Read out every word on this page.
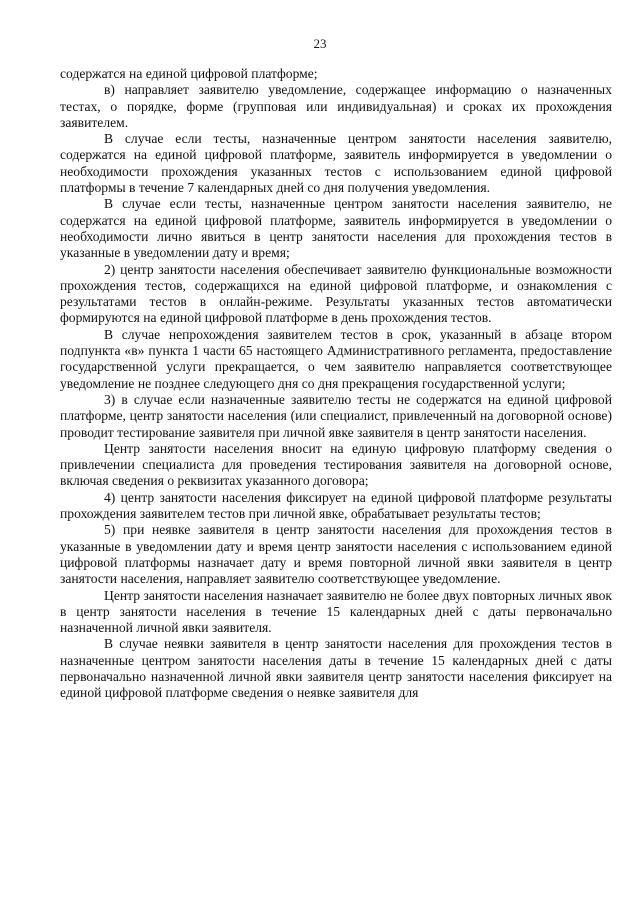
23

содержатся на единой цифровой платформе;

в) направляет заявителю уведомление, содержащее информацию о назначенных тестах, о порядке, форме (групповая или индивидуальная) и сроках их прохождения заявителем.

В случае если тесты, назначенные центром занятости населения заявителю, содержатся на единой цифровой платформе, заявитель информируется в уведомлении о необходимости прохождения указанных тестов с использованием единой цифровой платформы в течение 7 календарных дней со дня получения уведомления.

В случае если тесты, назначенные центром занятости населения заявителю, не содержатся на единой цифровой платформе, заявитель информируется в уведомлении о необходимости лично явиться в центр занятости населения для прохождения тестов в указанные в уведомлении дату и время;

2) центр занятости населения обеспечивает заявителю функциональные возможности прохождения тестов, содержащихся на единой цифровой платформе, и ознакомления с результатами тестов в онлайн-режиме. Результаты указанных тестов автоматически формируются на единой цифровой платформе в день прохождения тестов.

В случае непрохождения заявителем тестов в срок, указанный в абзаце втором подпункта «в» пункта 1 части 65 настоящего Административного регламента, предоставление государственной услуги прекращается, о чем заявителю направляется соответствующее уведомление не позднее следующего дня со дня прекращения государственной услуги;

3) в случае если назначенные заявителю тесты не содержатся на единой цифровой платформе, центр занятости населения (или специалист, привлеченный на договорной основе) проводит тестирование заявителя при личной явке заявителя в центр занятости населения.

Центр занятости населения вносит на единую цифровую платформу сведения о привлечении специалиста для проведения тестирования заявителя на договорной основе, включая сведения о реквизитах указанного договора;

4) центр занятости населения фиксирует на единой цифровой платформе результаты прохождения заявителем тестов при личной явке, обрабатывает результаты тестов;

5) при неявке заявителя в центр занятости населения для прохождения тестов в указанные в уведомлении дату и время центр занятости населения с использованием единой цифровой платформы назначает дату и время повторной личной явки заявителя в центр занятости населения, направляет заявителю соответствующее уведомление.

Центр занятости населения назначает заявителю не более двух повторных личных явок в центр занятости населения в течение 15 календарных дней с даты первоначально назначенной личной явки заявителя.

В случае неявки заявителя в центр занятости населения для прохождения тестов в назначенные центром занятости населения даты в течение 15 календарных дней с даты первоначально назначенной личной явки заявителя центр занятости населения фиксирует на единой цифровой платформе сведения о неявке заявителя для
